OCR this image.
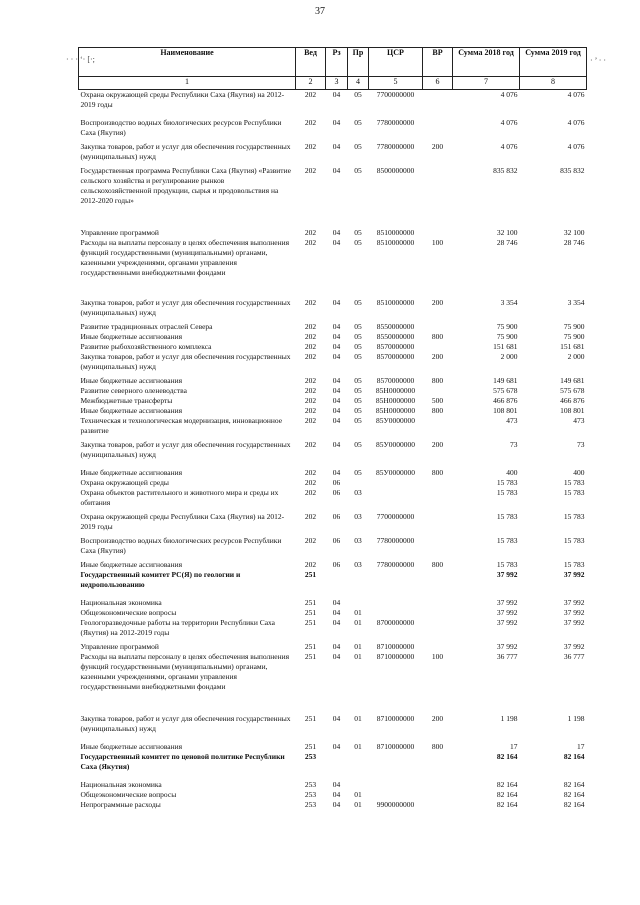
37
· · · ‘· [·;	· ’ · ·
Наименование	Вед	Рз	Пр	ЦСР	ВР	Сумма 2018 год	Сумма 2019 год
1	2	3	4	5	6	7	8
Охрана окружающей среды Республики Саха (Якутия) на 2012-2019 годы	202	04	05	7700000000		4 076	4 076
Воспроизводство водных биологических ресурсов Республики Саха (Якутия)	202	04	05	7780000000		4 076	4 076
Закупка товаров, работ и услуг для обеспечения государственных (муниципальных) нужд	202	04	05	7780000000	200	4 076	4 076
Государственная программа Республики Саха (Якутия) «Развитие сельского хозяйства и регулирование рынков сельскохозяйственной продукции, сырья и продовольствия на 2012-2020 годы»	202	04	05	8500000000		835 832	835 832
Управление программой	202	04	05	8510000000		32 100	32 100
Расходы на выплаты персоналу в целях обеспечения выполнения функций государственными (муниципальными) органами, казенными учреждениями, органами управления государственными внебюджетными фондами	202	04	05	8510000000	100	28 746	28 746
Закупка товаров, работ и услуг для обеспечения государственных (муниципальных) нужд	202	04	05	8510000000	200	3 354	3 354
Развитие традиционных отраслей Севера	202	04	05	8550000000		75 900	75 900
Иные бюджетные ассигнования	202	04	05	8550000000	800	75 900	75 900
Развитие рыбохозяйственного комплекса	202	04	05	8570000000		151 681	151 681
Закупка товаров, работ и услуг для обеспечения государственных (муниципальных) нужд	202	04	05	8570000000	200	2 000	2 000
Иные бюджетные ассигнования	202	04	05	8570000000	800	149 681	149 681
Развитие северного оленеводства	202	04	05	85Н0000000		575 678	575 678
Межбюджетные трансферты	202	04	05	85Н0000000	500	466 876	466 876
Иные бюджетные ассигнования	202	04	05	85Н0000000	800	108 801	108 801
Техническая и технологическая модернизация, инновационное развитие	202	04	05	85У0000000		473	473
Закупка товаров, работ и услуг для обеспечения государственных (муниципальных) нужд	202	04	05	85У0000000	200	73	73
Иные бюджетные ассигнования	202	04	05	85У0000000	800	400	400
Охрана окружающей среды	202	06				15 783	15 783
Охрана объектов растительного и животного мира и среды их обитания	202	06	03			15 783	15 783
Охрана окружающей среды Республики Саха (Якутия) на 2012-2019 годы	202	06	03	7700000000		15 783	15 783
Воспроизводство водных биологических ресурсов Республики Саха (Якутия)	202	06	03	7780000000		15 783	15 783
Иные бюджетные ассигнования	202	06	03	7780000000	800	15 783	15 783
Государственный комитет РС(Я) по геологии и недропользованию	251					37 992	37 992
Национальная экономика	251	04				37 992	37 992
Общеэкономические вопросы	251	04	01			37 992	37 992
Геологоразведочные работы на территории Республики Саха (Якутия) на 2012-2019 годы	251	04	01	8700000000		37 992	37 992
Управление программой	251	04	01	8710000000		37 992	37 992
Расходы на выплаты персоналу в целях обеспечения выполнения функций государственными (муниципальными) органами, казенными учреждениями, органами управления государственными внебюджетными фондами	251	04	01	8710000000	100	36 777	36 777
Закупка товаров, работ и услуг для обеспечения государственных (муниципальных) нужд	251	04	01	8710000000	200	1 198	1 198
Иные бюджетные ассигнования	251	04	01	8710000000	800	17	17
Государственный комитет по ценовой политике Республики Саха (Якутия)	253					82 164	82 164
Национальная экономика	253	04				82 164	82 164
Общеэкономические вопросы	253	04	01			82 164	82 164
Непрограммные расходы	253	04	01	9900000000		82 164	82 164
